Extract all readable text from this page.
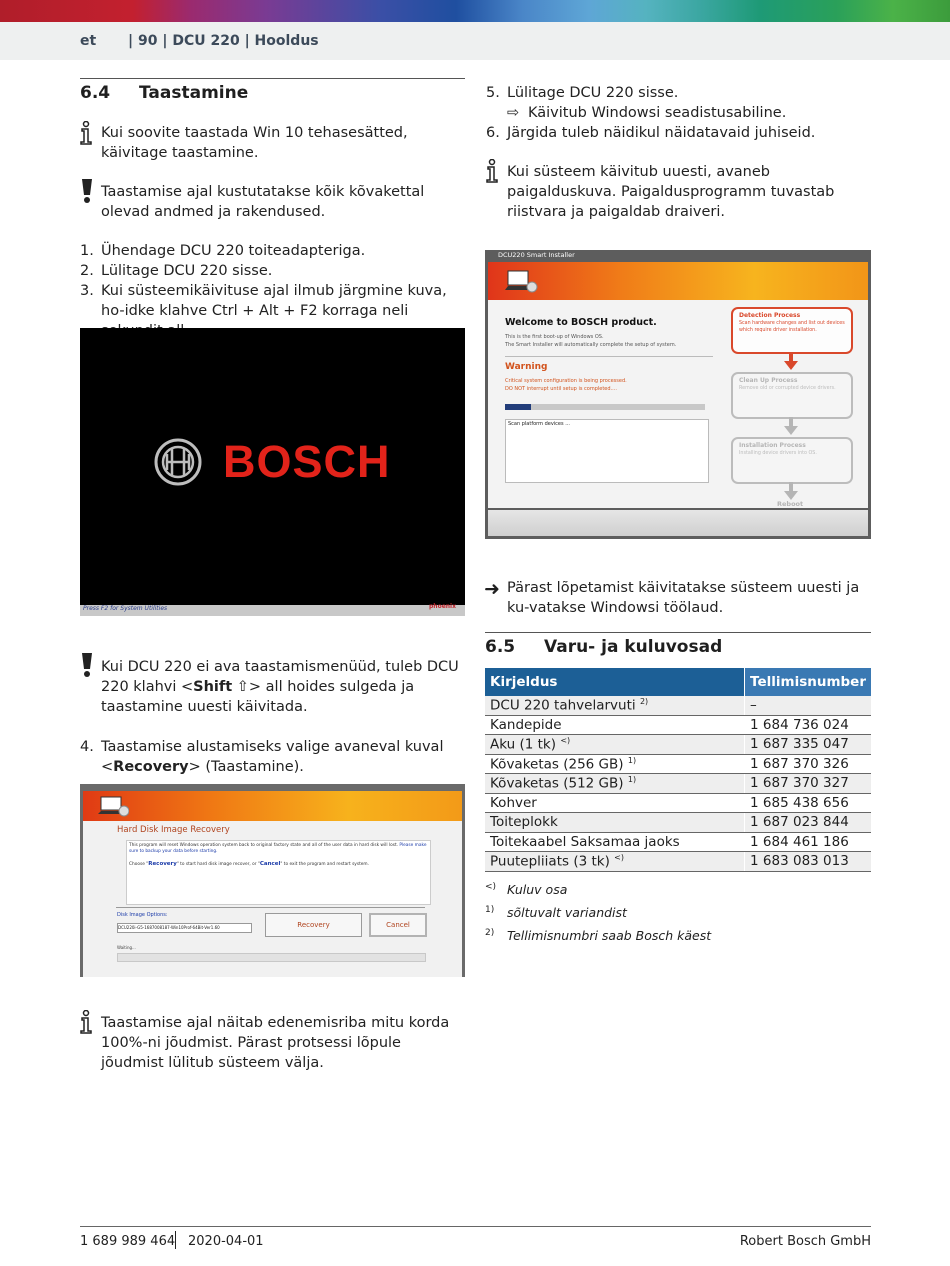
et | 90 | DCU 220 | Hooldus
6.4 Taastamine
Kui soovite taastada Win 10 tehasesätted, käivitage taastamine.
Taastamise ajal kustutatakse kõik kõvakettal olevad andmed ja rakendused.
1. Ühendage DCU 220 toiteadapteriga.
2. Lülitage DCU 220 sisse.
3. Kui süsteemikäivituse ajal ilmub järgmine kuva, ho-idke klahve Ctrl + Alt + F2 korraga neli
BOSCH
Press F2 for System Utilities	phoenix
Kui DCU 220 ei ava taastamismenüüd, tuleb DCU 220 klahvi <Shift ⇧> all hoides sulgeda ja taastamine uuesti käivitada.
4. Taastamise alustamiseks valige avaneval kuval <Recovery> (Taastamine).
Hard Disk Image Recovery
This program will reset Windows operation system back to original factory state and all of the user data in hard disk will lost. Please make sure to backup your data before starting.

Choose "Recovery" to start hard disk image recover, or "Cancel" to exit the program and restart system.
Disk Image Options:
DCU220i-G5-1687008187-Win10Prof-64Bit-Ver1.60	Recovery	Cancel
Waiting...
Taastamise ajal näitab edenemisriba mitu korda 100%-ni jõudmist. Pärast protsessi lõpule jõudmist lülitub süsteem välja.
5. Lülitage DCU 220 sisse.
⇨ Käivitub Windowsi seadistusabiline.
6. Järgida tuleb näidikul näidatavaid juhiseid.
Kui süsteem käivitub uuesti, avaneb paigalduskuva. Paigaldusprogramm tuvastab riistvara ja paigaldab draiveri.
DCU220 Smart Installer
Welcome to BOSCH product.
This is the first boot-up of Windows OS.
The Smart Installer will automatically complete the setup of system.
Warning
Critical system configuration is being processed.
DO NOT interrupt until setup is completed....
Scan platform devices ...
Detection Process
Scan hardware changes and list out devices which require driver installation.
Clean Up Process
Remove old or corrupted device drivers.
Installation Process
Installing device drivers into OS.
Reboot
➜ Pärast lõpetamist käivitatakse süsteem uuesti ja ku-vatakse Windowsi töölaud.
6.5 Varu- ja kuluvosad
Kirjeldus	Tellimisnumber
DCU 220 tahvelarvuti $^{2)}$	–
Kandepide	1 684 736 024
Aku (1 tk) <)	1 687 335 047
Kõvaketas (256 GB) $^{1)}$	1 687 370 326
Kõvaketas (512 GB) $^{1)}$	1 687 370 327
Kohver	1 685 438 656
Toiteplokk	1 687 023 844
Toitekaabel Saksamaa jaoks	1 684 461 186
Puutepliiats (3 tk) <)	1 683 083 013
<) Kuluv osa
1) sõltuvalt variandist
2) Tellimisnumbri saab Bosch käest
1 689 989 464 2020-04-01	Robert Bosch GmbH
